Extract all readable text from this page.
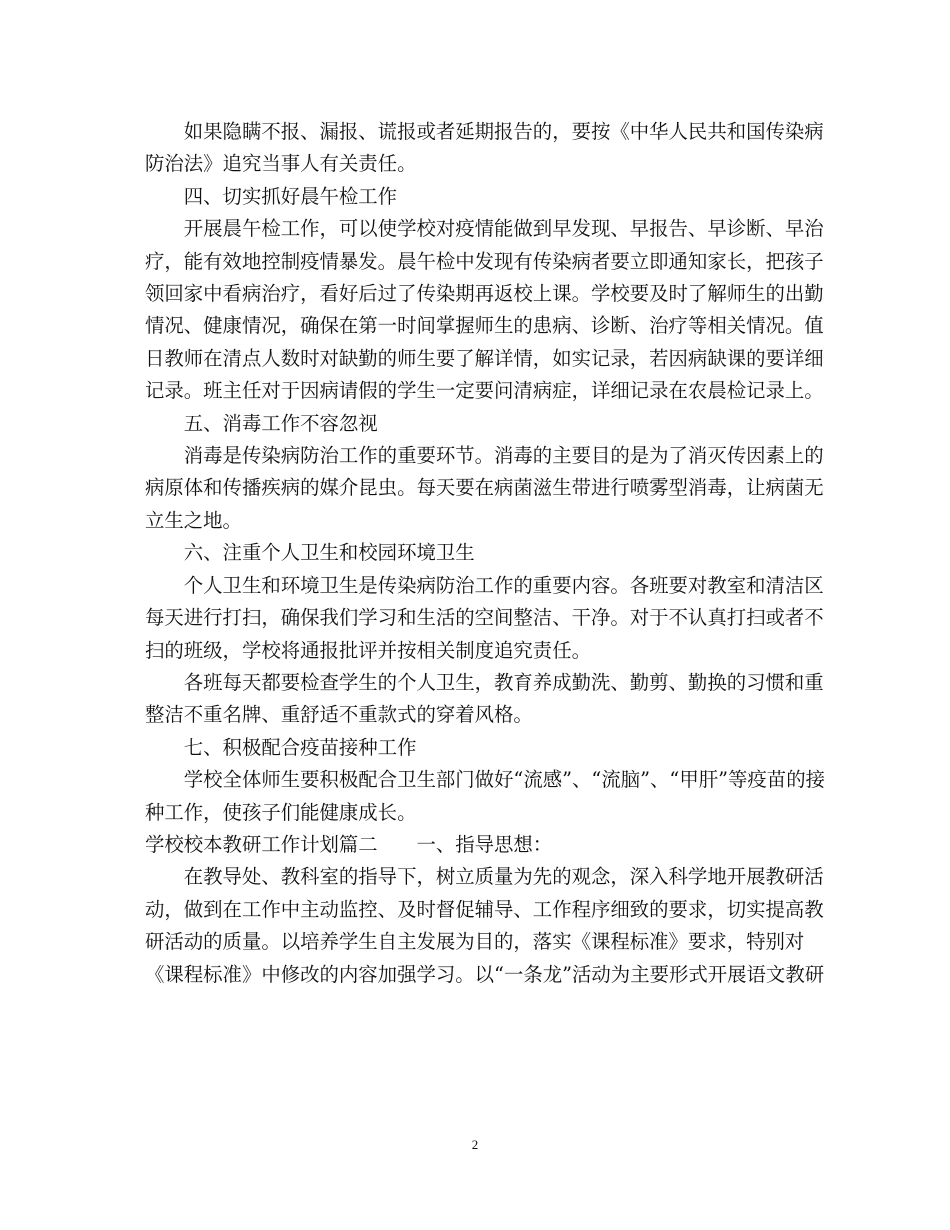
　　如果隐瞒不报、漏报、谎报或者延期报告的，要按《中华人民共和国传染病
防治法》追究当事人有关责任。

　　四、切实抓好晨午检工作

　　开展晨午检工作，可以使学校对疫情能做到早发现、早报告、早诊断、早治
疗，能有效地控制疫情暴发。晨午检中发现有传染病者要立即通知家长，把孩子
领回家中看病治疗，看好后过了传染期再返校上课。学校要及时了解师生的出勤
情况、健康情况，确保在第一时间掌握师生的患病、诊断、治疗等相关情况。值
日教师在清点人数时对缺勤的师生要了解详情，如实记录，若因病缺课的要详细
记录。班主任对于因病请假的学生一定要问清病症，详细记录在农晨检记录上。

　　五、消毒工作不容忽视

　　消毒是传染病防治工作的重要环节。消毒的主要目的是为了消灭传因素上的
病原体和传播疾病的媒介昆虫。每天要在病菌滋生带进行喷雾型消毒，让病菌无
立生之地。

　　六、注重个人卫生和校园环境卫生

　　个人卫生和环境卫生是传染病防治工作的重要内容。各班要对教室和清洁区
每天进行打扫，确保我们学习和生活的空间整洁、干净。对于不认真打扫或者不
扫的班级，学校将通报批评并按相关制度追究责任。

　　各班每天都要检查学生的个人卫生，教育养成勤洗、勤剪、勤换的习惯和重
整洁不重名牌、重舒适不重款式的穿着风格。

　　七、积极配合疫苗接种工作

　　学校全体师生要积极配合卫生部门做好“流感”、“流脑”、“甲肝”等疫苗的接
种工作，使孩子们能健康成长。

学校校本教研工作计划篇二　　一、指导思想：

　　在教导处、教科室的指导下，树立质量为先的观念，深入科学地开展教研活
动，做到在工作中主动监控、及时督促辅导、工作程序细致的要求，切实提高教
研活动的质量。以培养学生自主发展为目的，落实《课程标准》要求，特别对
《课程标准》中修改的内容加强学习。以“一条龙”活动为主要形式开展语文教研

2
